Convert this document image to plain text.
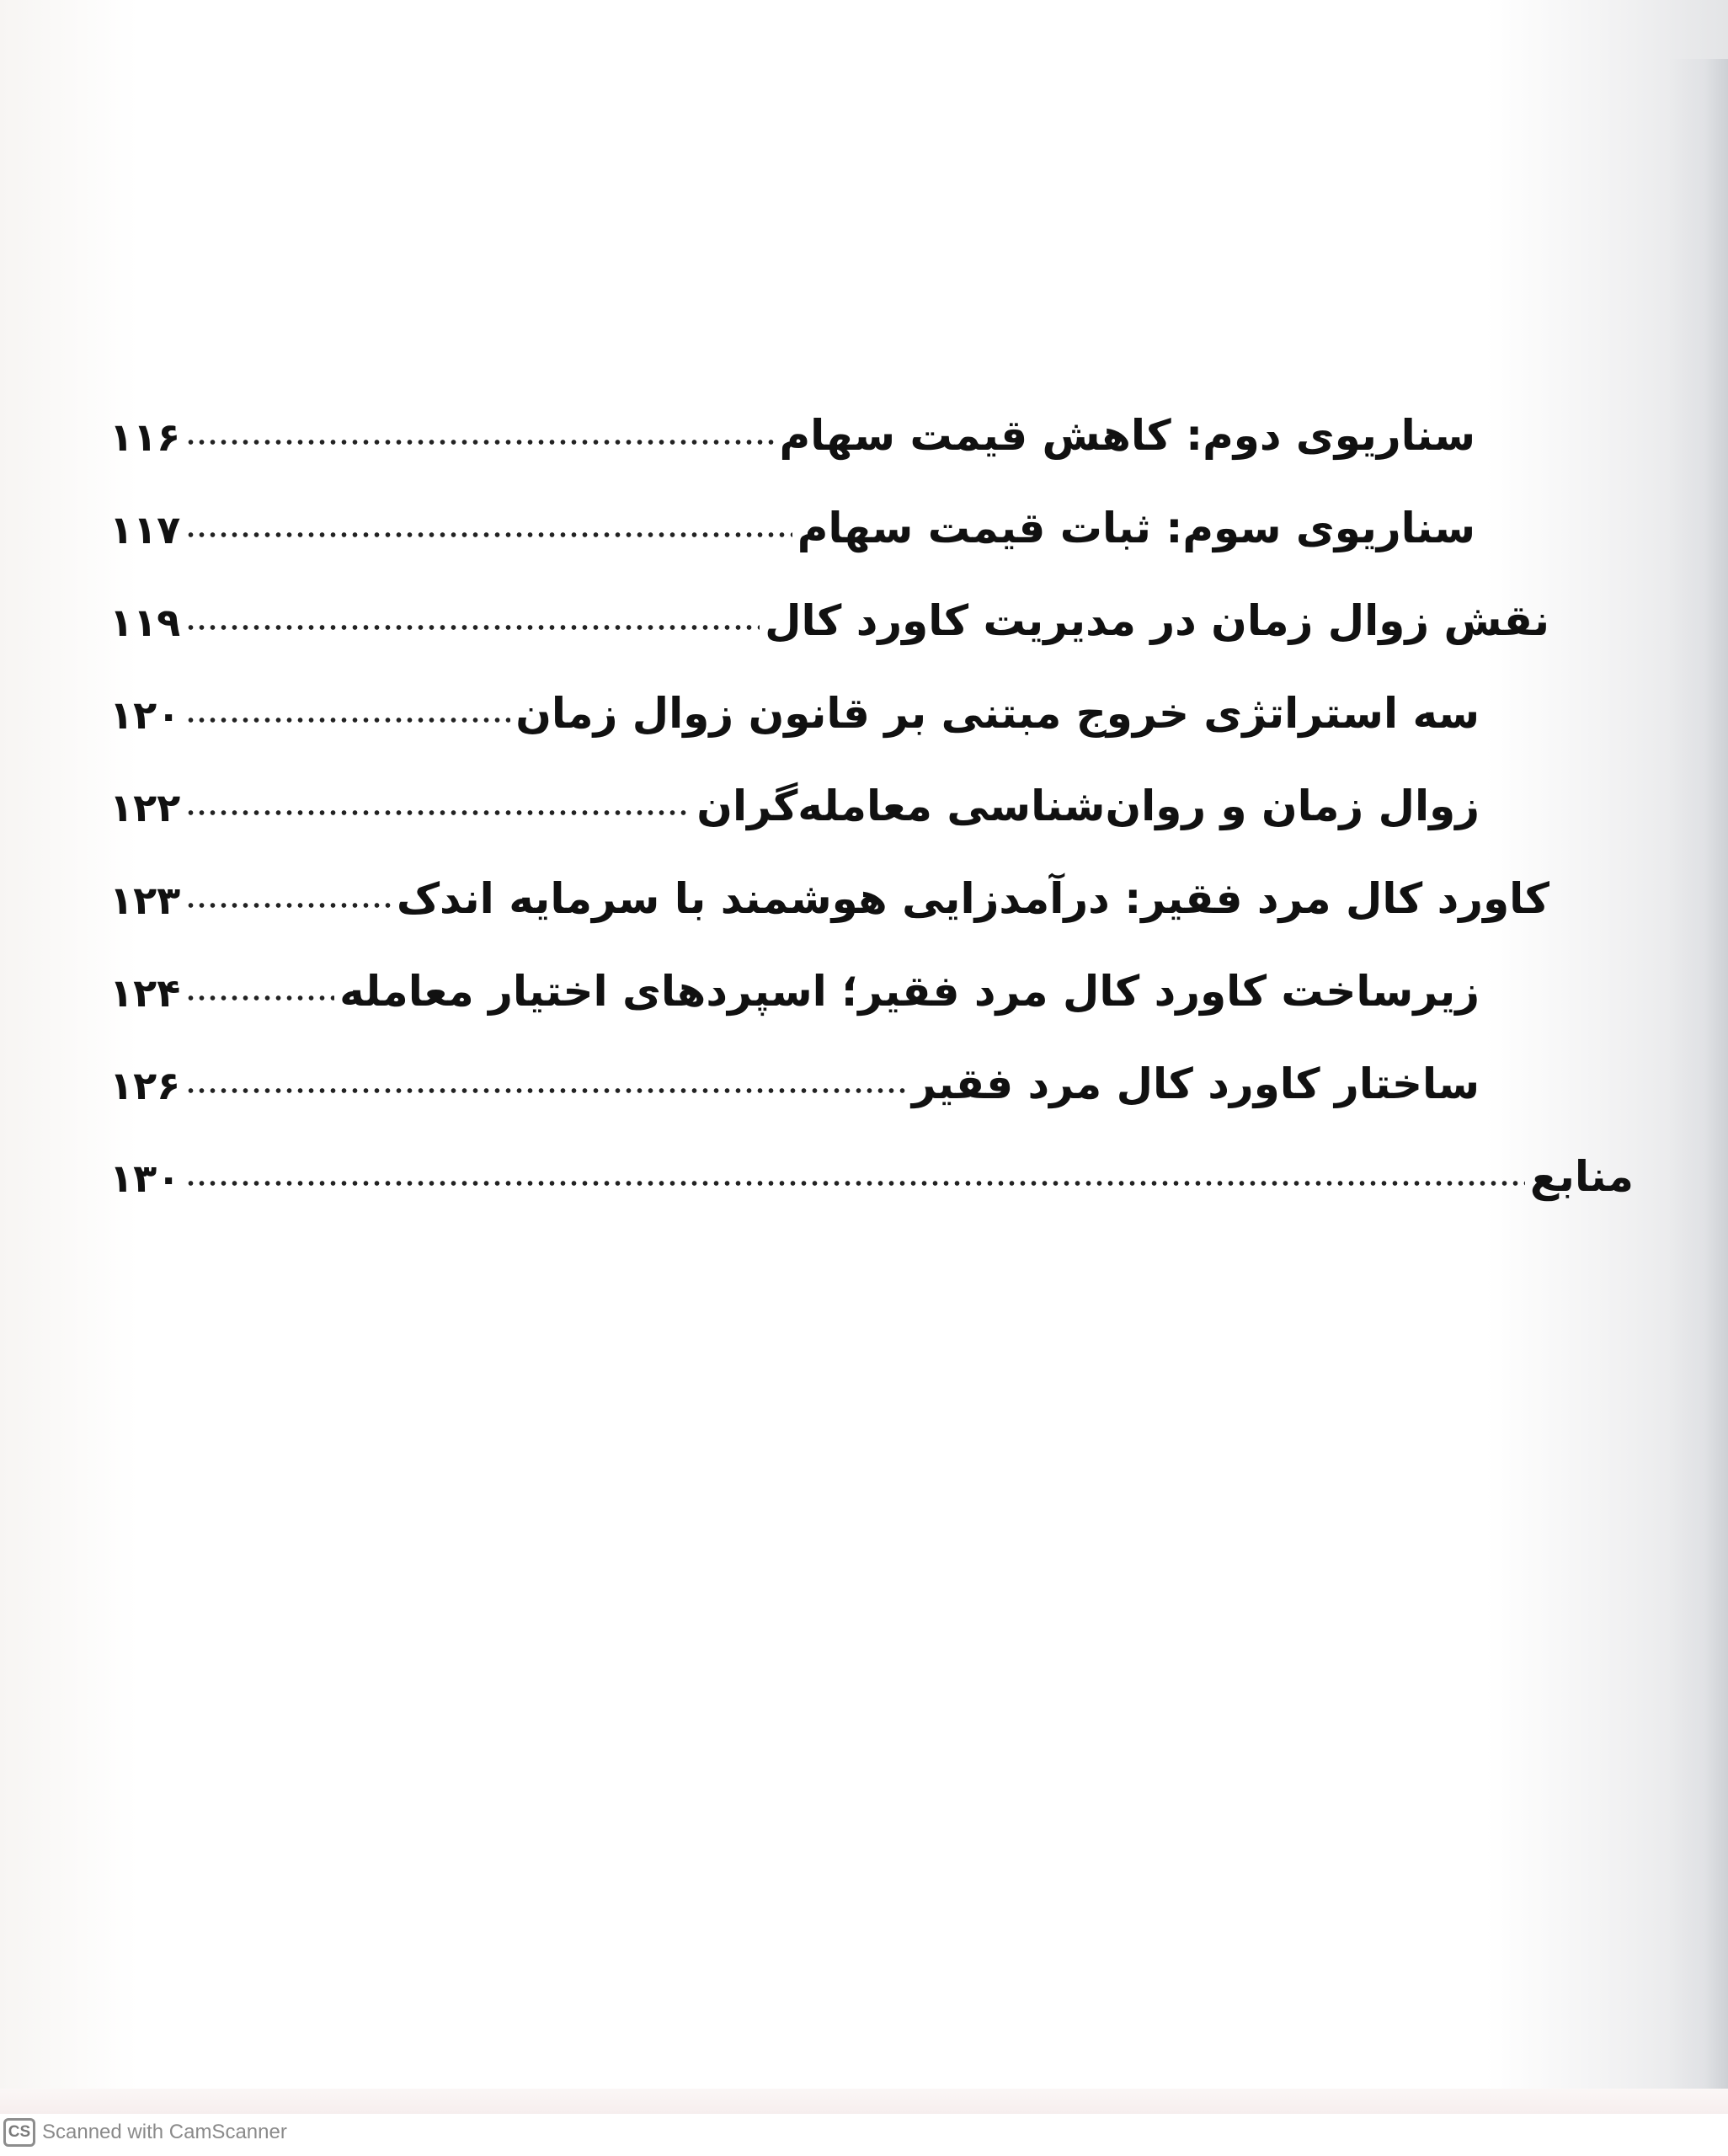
سناریوی دوم: کاهش قیمت سهام
۱۱۶
سناریوی سوم: ثبات قیمت سهام
۱۱۷
نقش زوال زمان در مدیریت کاورد کال
۱۱۹
سه استراتژی خروج مبتنی بر قانون زوال زمان
۱۲۰
زوال زمان و روان‌شناسی معامله‌گران
۱۲۲
کاورد کال مرد فقیر: درآمدزایی هوشمند با سرمایه اندک
۱۲۳
زیرساخت کاورد کال مرد فقیر؛ اسپردهای اختیار معامله
۱۲۴
ساختار کاورد کال مرد فقیر
۱۲۶
منابع
۱۳۰
CS Scanned with CamScanner
